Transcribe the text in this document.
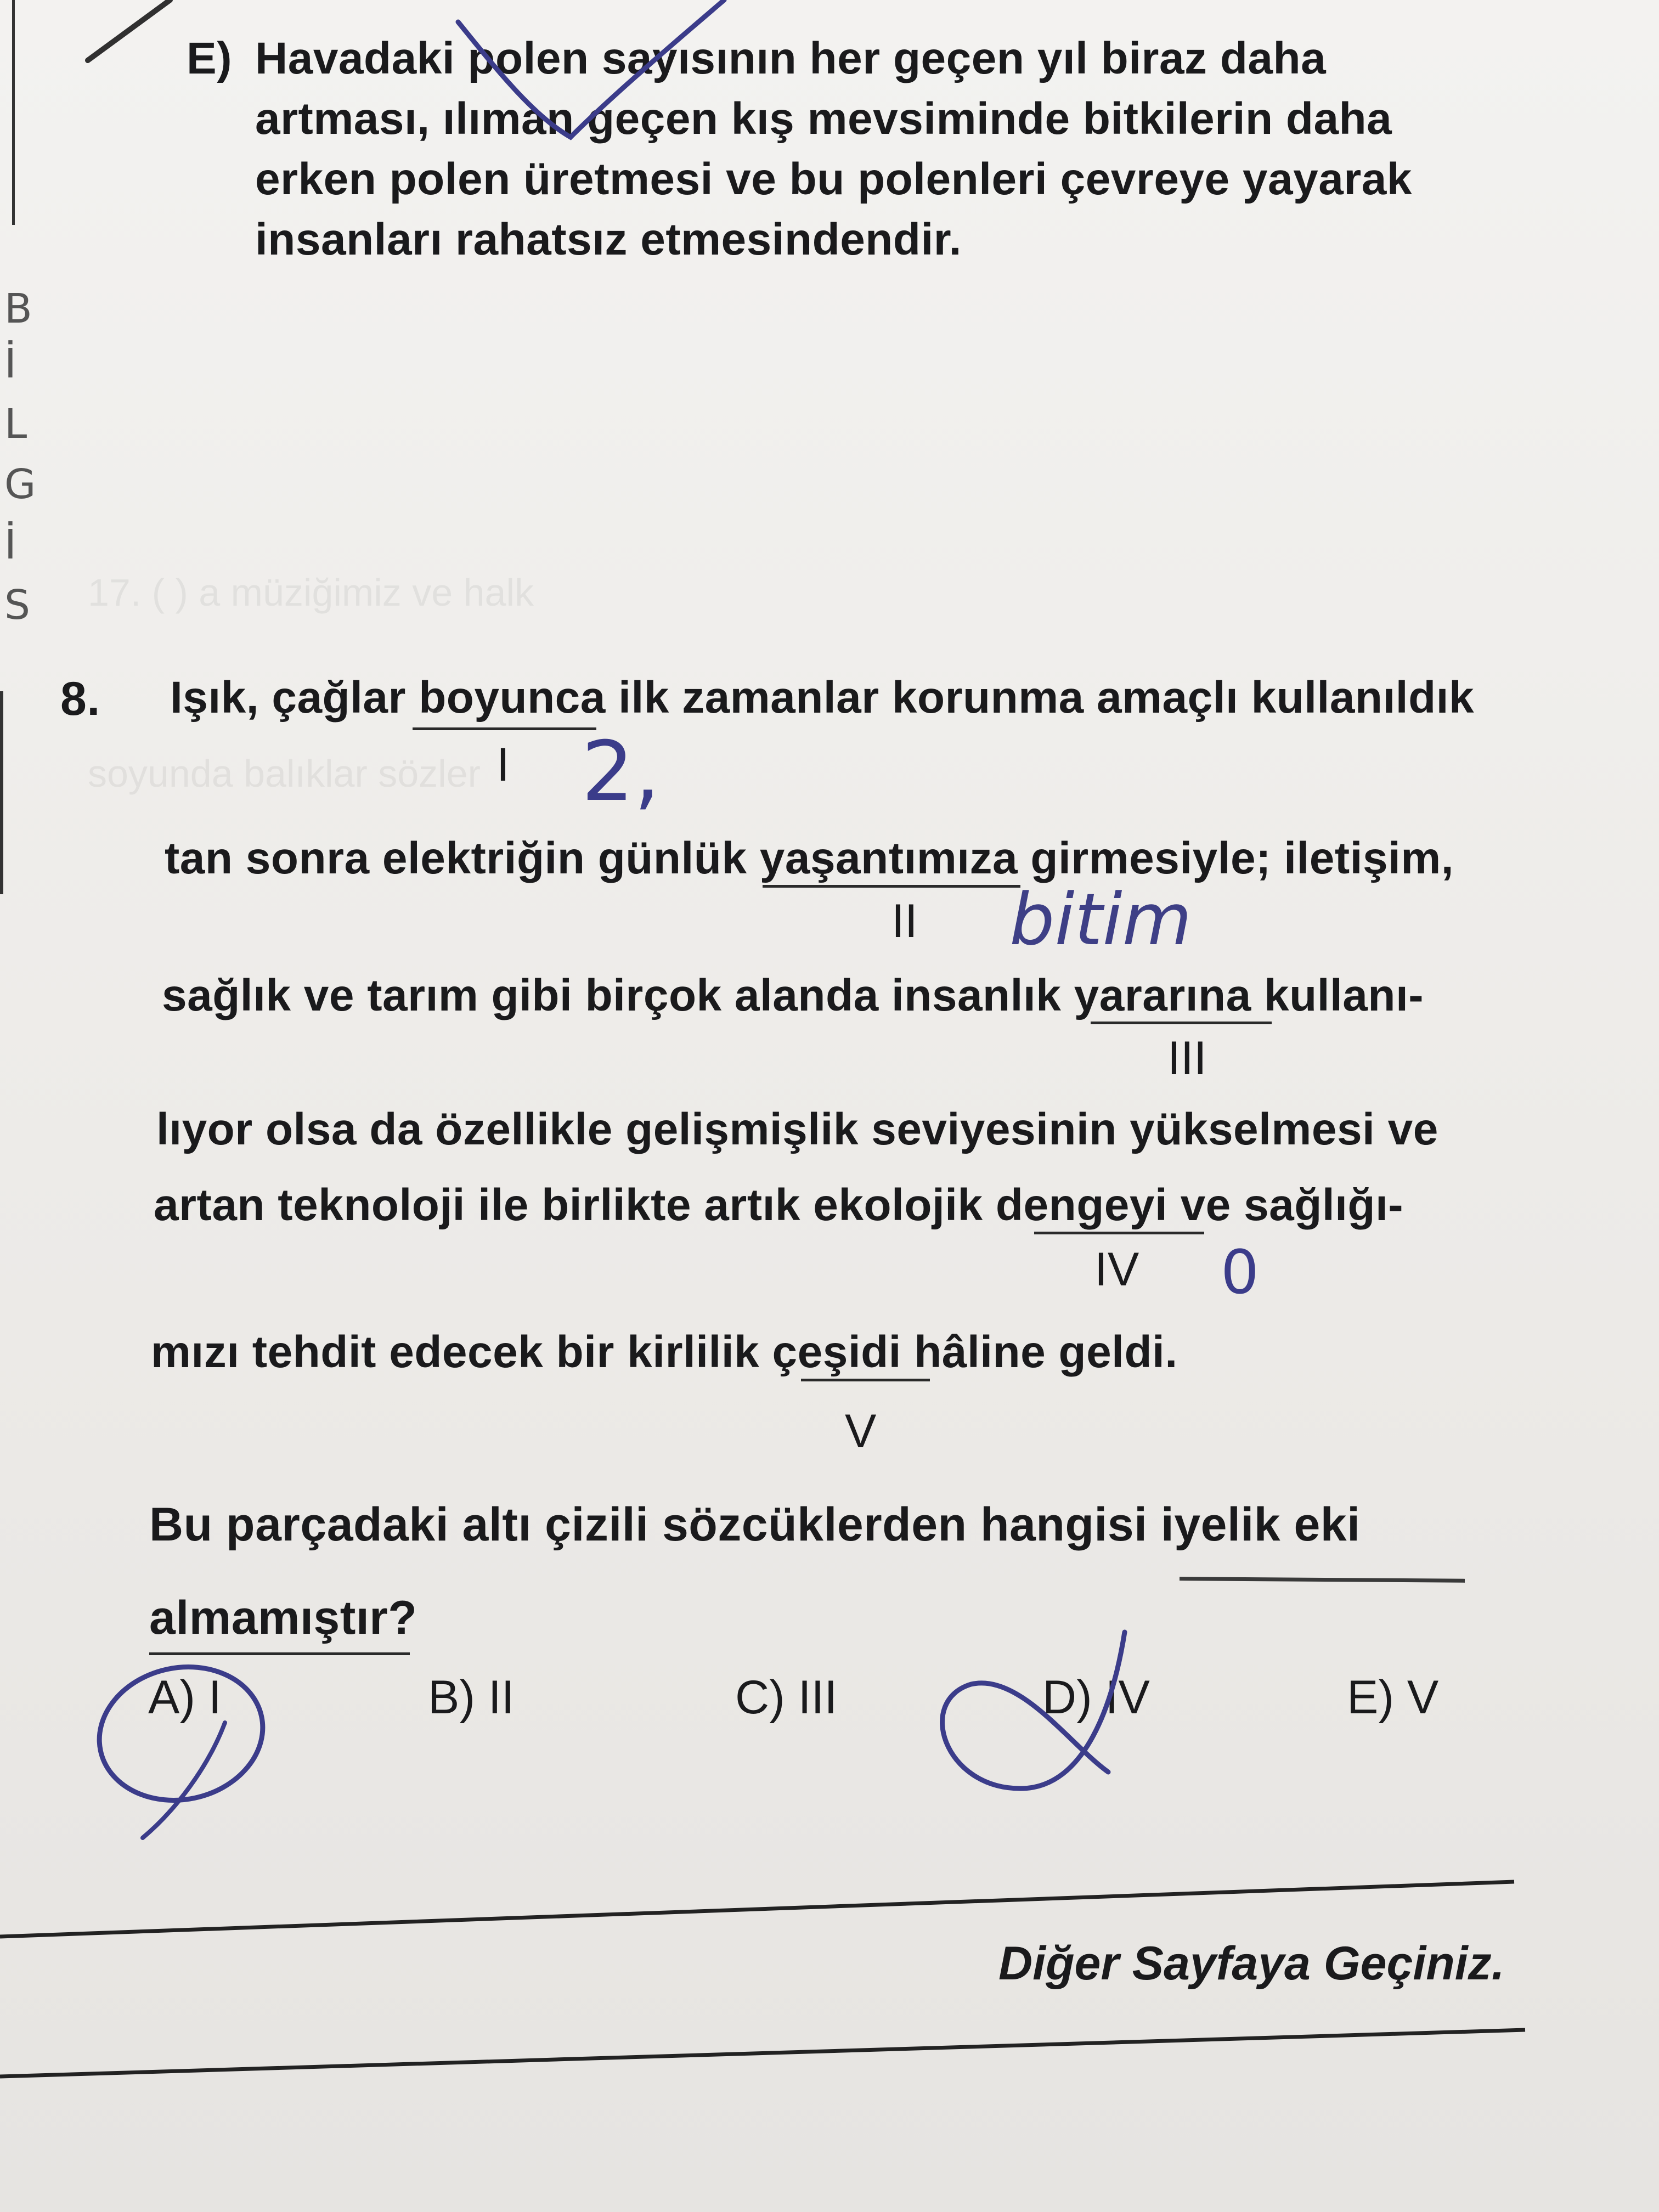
17. ( ) a müziğimiz ve halk
soyunda balıklar sözler
B
İ
L
G
İ
S
E) Havadaki polen sayısının her geçen yıl biraz daha
artması, ılıman geçen kış mevsiminde bitkilerin daha
erken polen üretmesi ve bu polenleri çevreye yayarak
insanları rahatsız etmesindendir.
8. Işık, çağlar boyunca ilk zamanlar korunma amaçlı kullanıldık
I
tan sonra elektriğin günlük yaşantımıza girmesiyle; iletişim,
II
sağlık ve tarım gibi birçok alanda insanlık yararına kullanı-
III
lıyor olsa da özellikle gelişmişlik seviyesinin yükselmesi ve
artan teknoloji ile birlikte artık ekolojik dengeyi ve sağlığı-
IV
mızı tehdit edecek bir kirlilik çeşidi hâline geldi.
V
Bu parçadaki altı çizili sözcüklerden hangisi iyelik eki
almamıştır?
A) I	B) II	C) III	D) IV	E) V
2,
bitim
0
Diğer Sayfaya Geçiniz.
